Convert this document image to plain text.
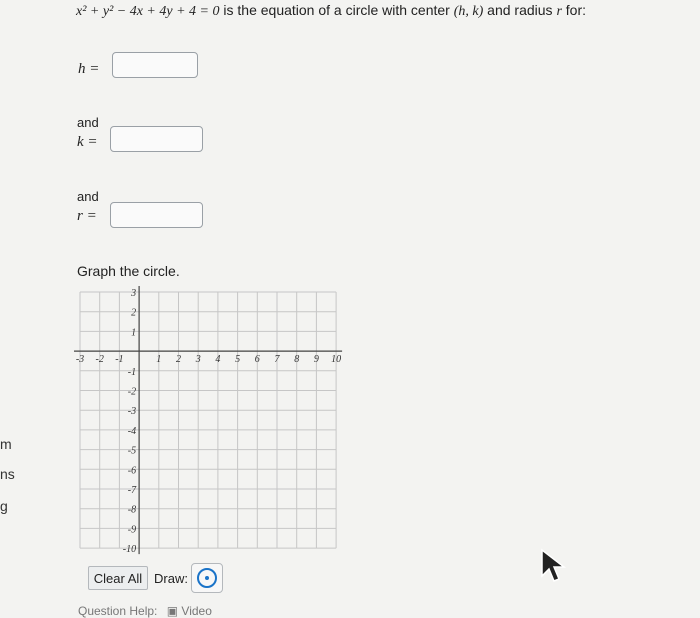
m
ns
g
x² + y² − 4x + 4y + 4 = 0 is the equation of a circle with center (h, k) and radius r for:
h =
and
k =
and
r =
Graph the circle.
-3 -2 -1	1 2 3 4 5 6 7 8 9 10
3
2
1
-1
-2
-3
-4
-5
-6
-7
-8
-9
-10
Clear All Draw:
Question Help: ▣ Video
